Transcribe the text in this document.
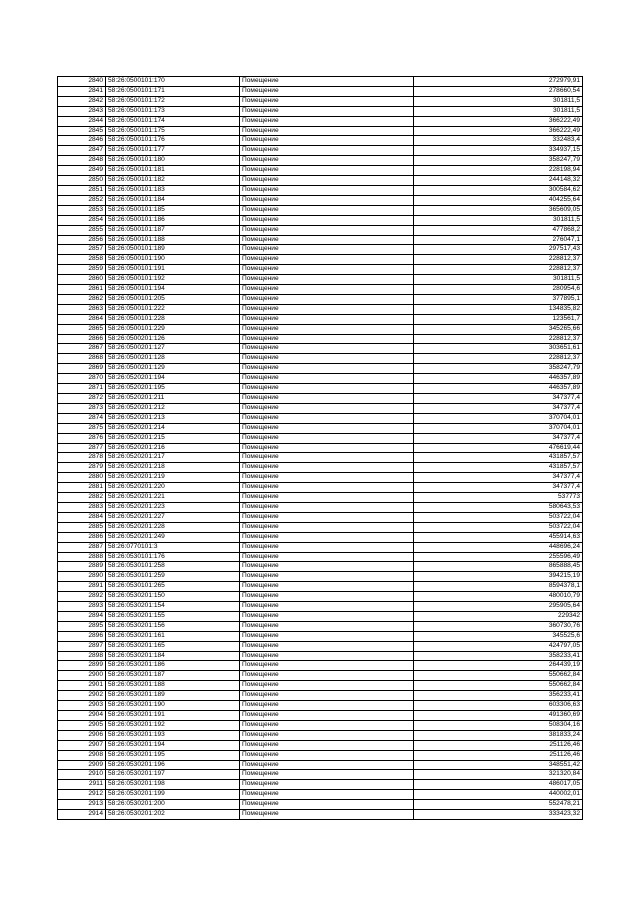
2840 58:26:0500101:170	Помещение	272979,91
2841 58:26:0500101:171	Помещение	278660,54
2842 58:26:0500101:172	Помещение	301811,5
2843 58:26:0500101:173	Помещение	301811,5
2844 58:26:0500101:174	Помещение	366222,49
2845 58:26:0500101:175	Помещение	366222,49
2846 58:26:0500101:176	Помещение	332483,4
2847 58:26:0500101:177	Помещение	334937,15
2848 58:26:0500101:180	Помещение	358247,79
2849 58:26:0500101:181	Помещение	228198,94
2850 58:26:0500101:182	Помещение	244148,32
2851 58:26:0500101:183	Помещение	300584,62
2852 58:26:0500101:184	Помещение	404255,64
2853 58:26:0500101:185	Помещение	365609,05
2854 58:26:0500101:186	Помещение	301811,5
2855 58:26:0500101:187	Помещение	477868,2
2856 58:26:0500101:188	Помещение	276047,1
2857 58:26:0500101:189	Помещение	297517,43
2858 58:26:0500101:190	Помещение	228812,37
2859 58:26:0500101:191	Помещение	228812,37
2860 58:26:0500101:192	Помещение	301811,5
2861 58:26:0500101:194	Помещение	280954,6
2862 58:26:0500101:205	Помещение	377895,1
2863 58:26:0500101:222	Помещение	134835,82
2864 58:26:0500101:228	Помещение	123561,7
2865 58:26:0500101:229	Помещение	345265,66
2866 58:26:0500201:126	Помещение	228812,37
2867 58:26:0500201:127	Помещение	303651,61
2868 58:26:0500201:128	Помещение	228812,37
2869 58:26:0500201:129	Помещение	358247,79
2870 58:26:0520201:194	Помещение	446357,89
2871 58:26:0520201:195	Помещение	446357,89
2872 58:26:0520201:211	Помещение	347377,4
2873 58:26:0520201:212	Помещение	347377,4
2874 58:26:0520201:213	Помещение	370704,01
2875 58:26:0520201:214	Помещение	370704,01
2876 58:26:0520201:215	Помещение	347377,4
2877 58:26:0520201:216	Помещение	476619,44
2878 58:26:0520201:217	Помещение	431857,57
2879 58:26:0520201:218	Помещение	431857,57
2880 58:26:0520201:219	Помещение	347377,4
2881 58:26:0520201:220	Помещение	347377,4
2882 58:26:0520201:221	Помещение	537773
2883 58:26:0520201:223	Помещение	580643,53
2884 58:26:0520201:227	Помещение	503722,04
2885 58:26:0520201:228	Помещение	503722,04
2886 58:26:0520201:249	Помещение	455914,63
2887 58:26:0770101:3	Помещение	448696,24
2888 58:26:0530101:176	Помещение	255596,49
2889 58:26:0530101:258	Помещение	865888,45
2890 58:26:0530101:259	Помещение	394215,19
2891 58:26:0530101:265	Помещение	8594378,1
2892 58:26:0530201:150	Помещение	480010,79
2893 58:26:0530201:154	Помещение	295905,64
2894 58:26:0530201:155	Помещение	229342
2895 58:26:0530201:156	Помещение	360730,76
2896 58:26:0530201:161	Помещение	345525,6
2897 58:26:0530201:165	Помещение	424797,05
2898 58:26:0530201:184	Помещение	358233,41
2899 58:26:0530201:186	Помещение	264439,19
2900 58:26:0530201:187	Помещение	550662,84
2901 58:26:0530201:188	Помещение	550662,84
2902 58:26:0530201:189	Помещение	356233,41
2903 58:26:0530201:190	Помещение	603306,63
2904 58:26:0530201:191	Помещение	491360,69
2905 58:26:0530201:192	Помещение	508304,16
2906 58:26:0530201:193	Помещение	381833,24
2907 58:26:0530201:194	Помещение	251126,46
2908 58:26:0530201:195	Помещение	251126,46
2909 58:26:0530201:196	Помещение	348551,42
2910 58:26:0530201:197	Помещение	321320,84
2911 58:26:0530201:198	Помещение	486017,05
2912 58:26:0530201:199	Помещение	440002,01
2913 58:26:0530201:200	Помещение	552478,21
2914 58:26:0530201:202	Помещение	333423,32
